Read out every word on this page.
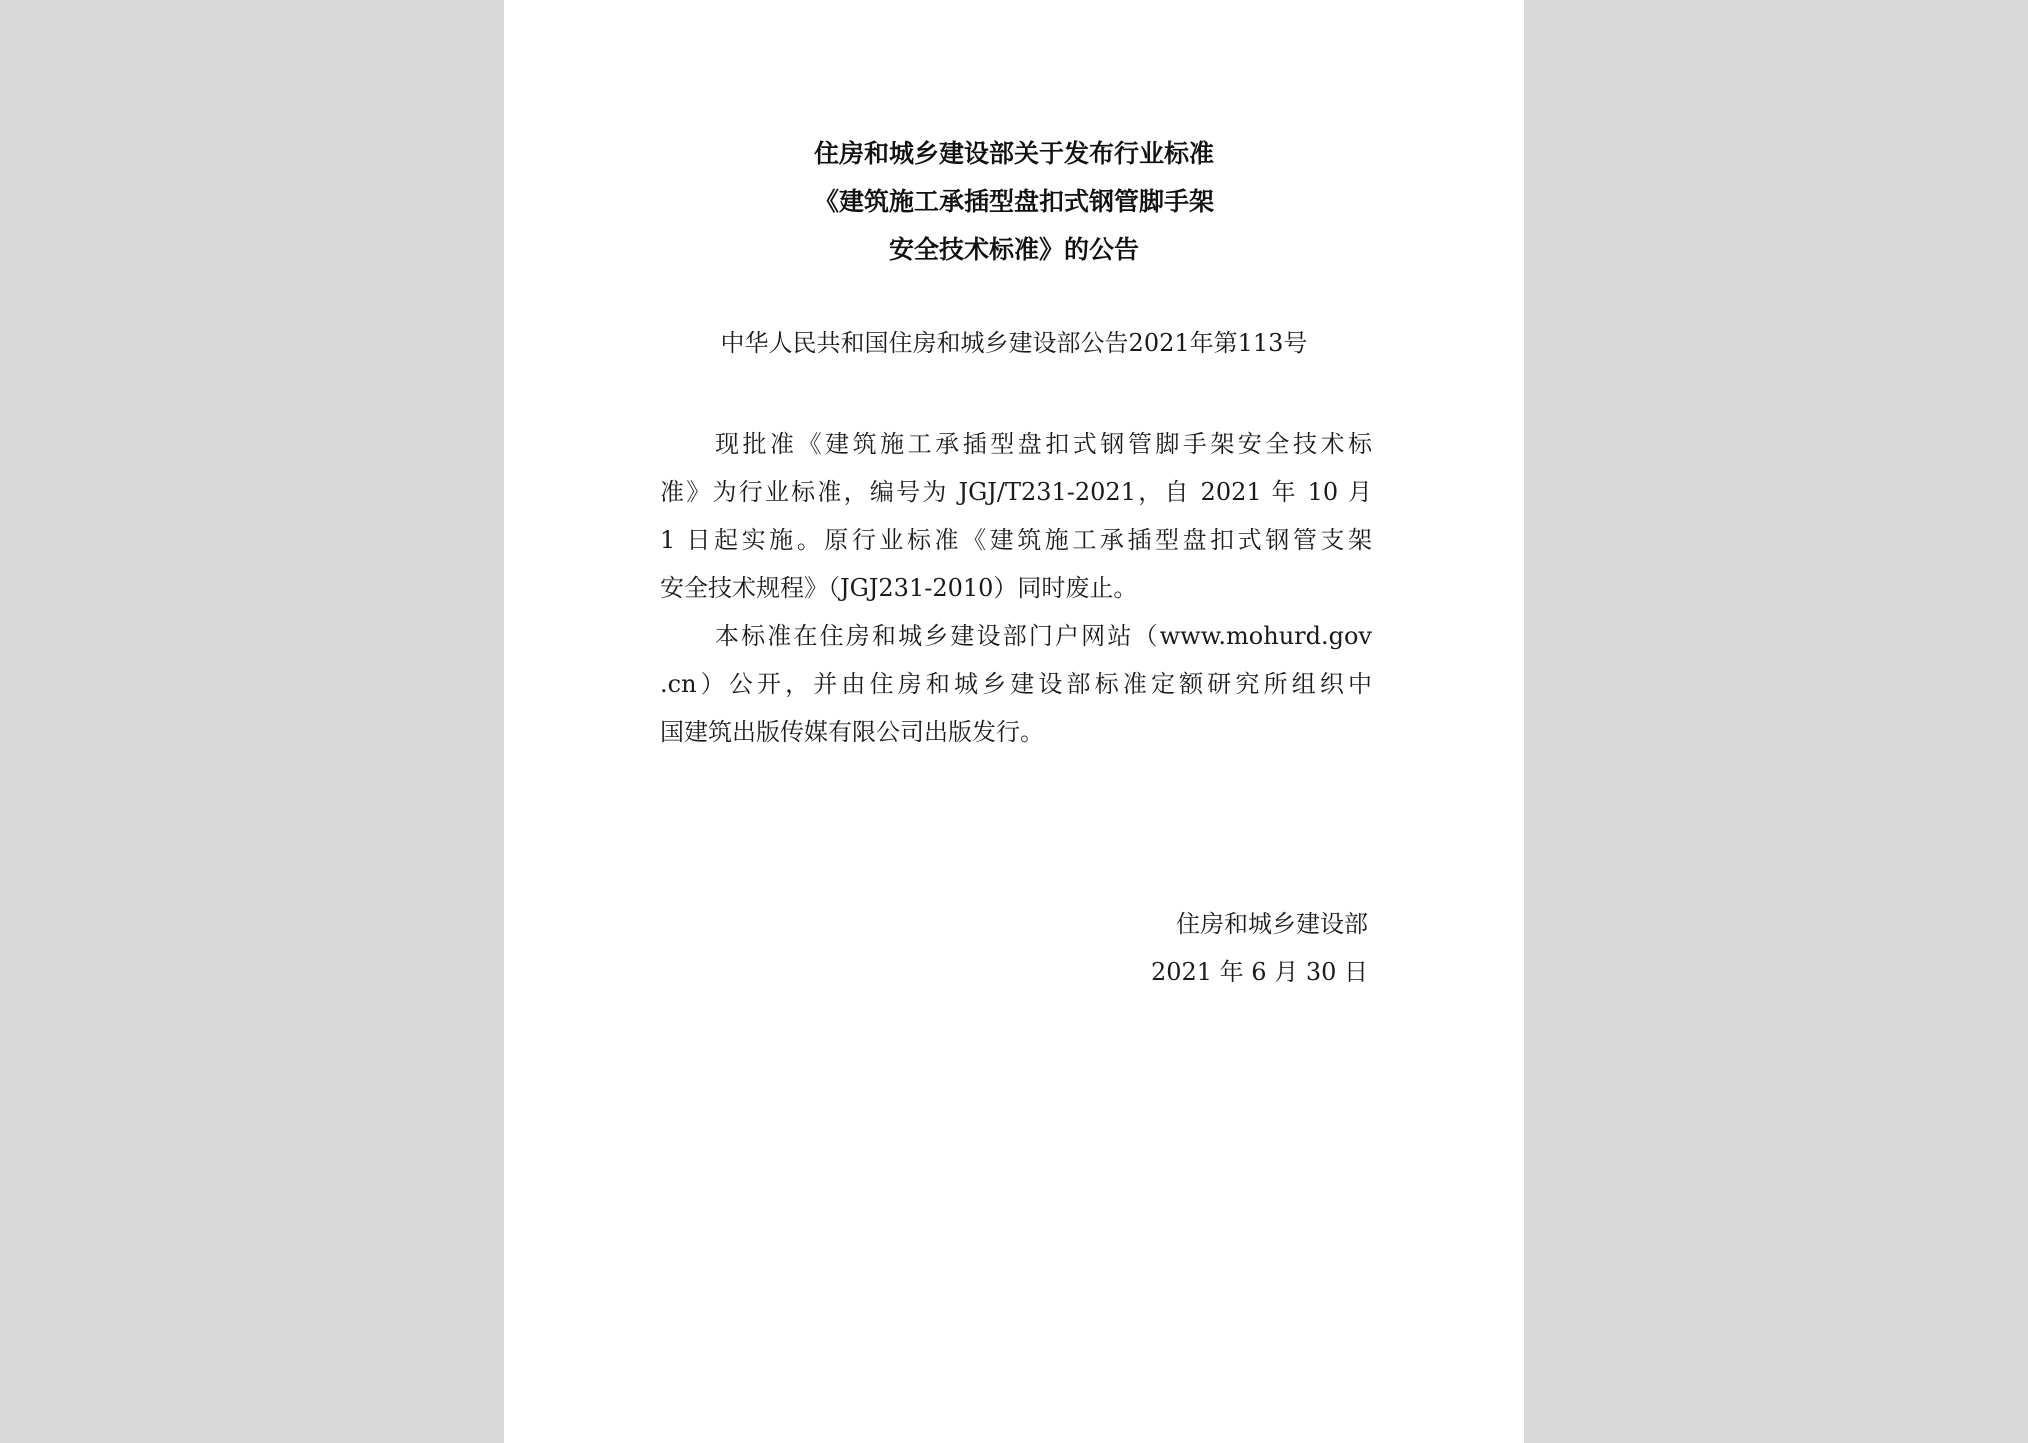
住房和城乡建设部关于发布行业标准
《建筑施工承插型盘扣式钢管脚手架
安全技术标准》的公告
中华人民共和国住房和城乡建设部公告2021年第113号
现批准《建筑施工承插型盘扣式钢管脚手架安全技术标
准》为行业标准，编号为 JGJ/T231-2021，自 2021 年 10 月
1 日起实施。原行业标准《建筑施工承插型盘扣式钢管支架
安全技术规程》（JGJ231-2010）同时废止。
本标准在住房和城乡建设部门户网站（www.mohurd.gov
.cn）公开，并由住房和城乡建设部标准定额研究所组织中
国建筑出版传媒有限公司出版发行。
住房和城乡建设部
2021 年 6 月 30 日
